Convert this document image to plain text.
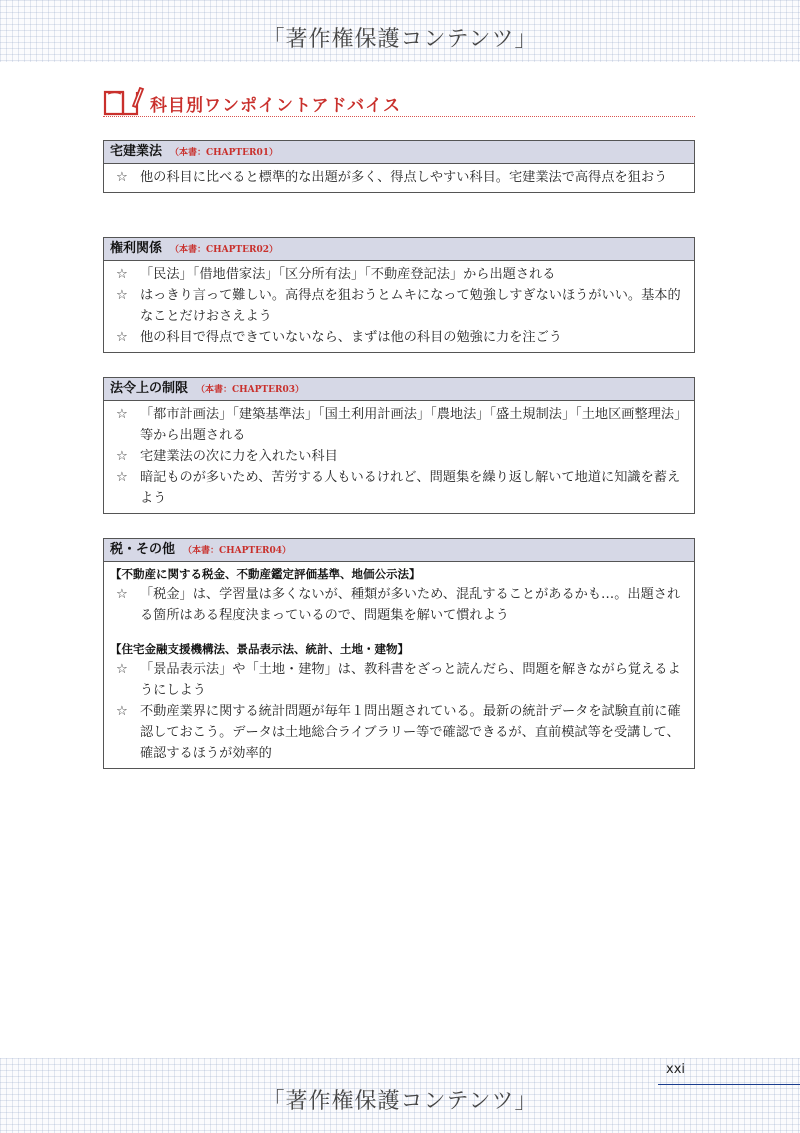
「著作権保護コンテンツ」
科目別ワンポイントアドバイス
宅建業法 （本書：CHAPTER01）
☆ 他の科目に比べると標準的な出題が多く、得点しやすい科目。宅建業法で高得点を狙おう
権利関係 （本書：CHAPTER02）
☆ 「民法」「借地借家法」「区分所有法」「不動産登記法」から出題される
☆ はっきり言って難しい。高得点を狙おうとムキになって勉強しすぎないほうがいい。基本的なことだけおさえよう
☆ 他の科目で得点できていないなら、まずは他の科目の勉強に力を注ごう
法令上の制限 （本書：CHAPTER03）
☆ 「都市計画法」「建築基準法」「国土利用計画法」「農地法」「盛土規制法」「土地区画整理法」等から出題される
☆ 宅建業法の次に力を入れたい科目
☆ 暗記ものが多いため、苦労する人もいるけれど、問題集を繰り返し解いて地道に知識を蓄えよう
税・その他 （本書：CHAPTER04）
【不動産に関する税金、不動産鑑定評価基準、地価公示法】
☆ 「税金」は、学習量は多くないが、種類が多いため、混乱することがあるかも…。出題される箇所はある程度決まっているので、問題集を解いて慣れよう
【住宅金融支援機構法、景品表示法、統計、土地・建物】
☆ 「景品表示法」や「土地・建物」は、教科書をざっと読んだら、問題を解きながら覚えるようにしよう
☆ 不動産業界に関する統計問題が毎年１問出題されている。最新の統計データを試験直前に確認しておこう。データは土地総合ライブラリー等で確認できるが、直前模試等を受講して、確認するほうが効率的
xxi
「著作権保護コンテンツ」
